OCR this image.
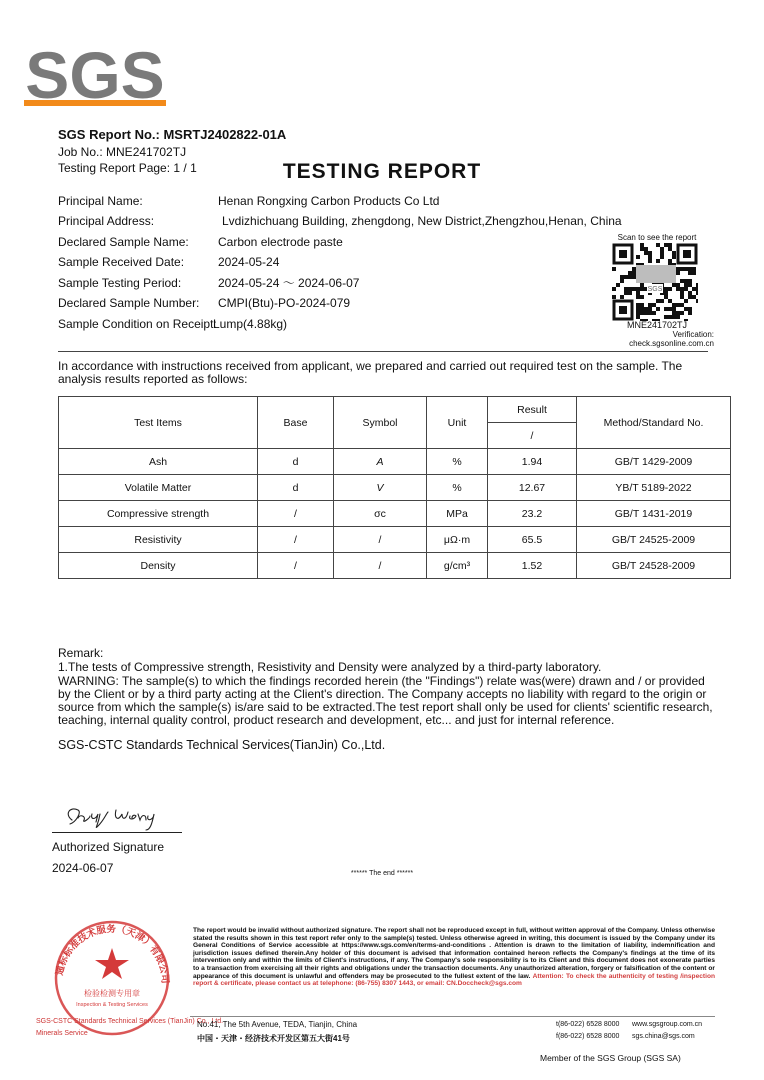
SGS
SGS Report No.: MSRTJ2402822-01A
Job No.: MNE241702TJ
Testing Report Page: 1 / 1	TESTING REPORT
Principal Name:	Henan Rongxing Carbon Products Co Ltd
Principal Address:	Lvdizhichuang Building, zhengdong, New District,Zhengzhou,Henan, China
Declared Sample Name: Carbon electrode paste
Sample Received Date:	2024-05-24
Sample Testing Period:	2024-05-24 ～ 2024-06-07
Declared Sample Number: CMPI(Btu)-PO-2024-079
Sample Condition on Receipt:
Lump(4.88kg)
Scan to see the report
SGS
MNE241702TJ
Verification:
check.sgsonline.com.cn
In accordance with instructions received from applicant, we prepared and carried out required test on the sample. The analysis results reported as follows:
Test Items	Base	Symbol	Unit	Result	Method/Standard No.
				/	
Ash	d	A	%	1.94	GB/T 1429-2009
Volatile Matter	d	V	%	12.67	YB/T 5189-2022
Compressive strength	/	σc	MPa	23.2	GB/T 1431-2019
Resistivity	/	/	μΩ·m	65.5	GB/T 24525-2009
Density	/	/	g/cm³	1.52	GB/T 24528-2009
Remark:
1.The tests of Compressive strength, Resistivity and Density were analyzed by a third-party laboratory.
WARNING: The sample(s) to which the findings recorded herein (the "Findings") relate was(were) drawn and / or provided by the Client or by a third party acting at the Client's direction. The Company accepts no liability with regard to the origin or source from which the sample(s) is/are said to be extracted.The test report shall only be used for clients' scientific research, teaching, internal quality control, product research and development, etc... and just for internal reference.
SGS-CSTC Standards Technical Services(TianJin) Co.,Ltd.
Authorized Signature
2024-06-07	****** The end ******
通标标准技术服务（天津）有限公司
检验检测专用章
Inspection & Testing Services
SGS-CSTC Standards Technical Services (TianJin) Co., Ltd.
Minerals Service
The report would be invalid without authorized signature. The report shall not be reproduced except in full, without written approval of the Company. Unless otherwise stated the results shown in this test report refer only to the sample(s) tested. Unless otherwise agreed in writing, this document is issued by the Company under its General Conditions of Service accessible at https://www.sgs.com/en/terms-and-conditions . Attention is drawn to the limitation of liability, indemnification and jurisdiction issues defined therein.Any holder of this document is advised that information contained hereon reflects the Company's findings at the time of its intervention only and within the limits of Client's instructions, if any. The Company's sole responsibility is to its Client and this document does not exonerate parties to a transaction from exercising all their rights and obligations under the transaction documents. Any unauthorized alteration, forgery or falsification of the content or appearance of this document is unlawful and offenders may be prosecuted to the fullest extent of the law. Attention: To check the authenticity of testing /inspection report & certificate, please contact us at telephone: (86-755) 8307 1443, or email: CN.Doccheck@sgs.com
No.41, The 5th Avenue, TEDA, Tianjin, China
中国・天津・经济技术开发区第五大街41号
t(86-022) 6528 8000
f(86-022) 6528 8000
www.sgsgroup.com.cn
sgs.china@sgs.com
Member of the SGS Group (SGS SA)
